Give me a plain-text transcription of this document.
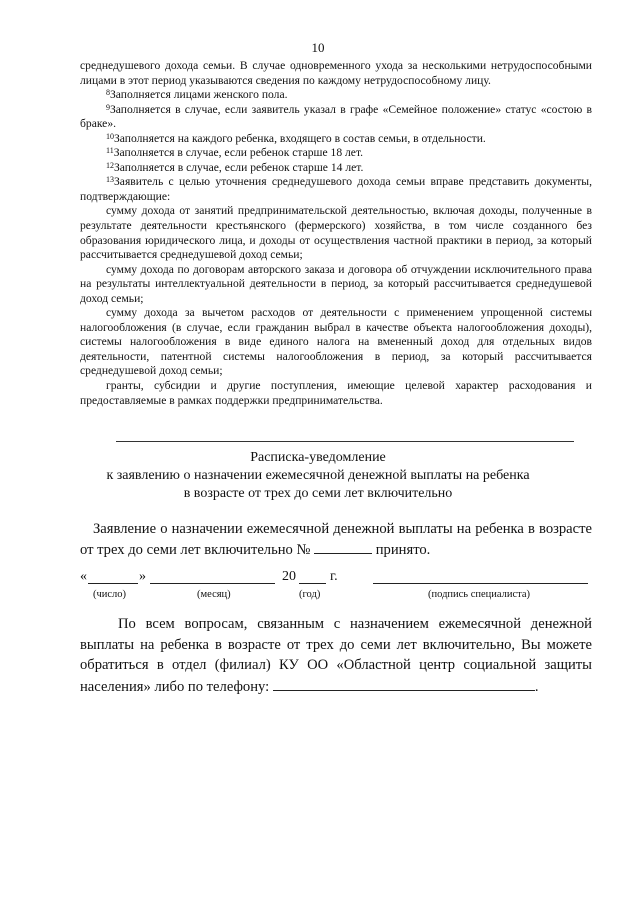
10

среднедушевого дохода семьи. В случае одновременного ухода за несколькими нетрудоспособными лицами в этот период указываются сведения по каждому нетрудоспособному лицу.

$^8$Заполняется лицами женского пола.

$^9$Заполняется в случае, если заявитель указал в графе «Семейное положение» статус «состою в браке».

$^{10}$Заполняется на каждого ребенка, входящего в состав семьи, в отдельности.

$^{11}$Заполняется в случае, если ребенок старше 18 лет.

$^{12}$Заполняется в случае, если ребенок старше 14 лет.

$^{13}$Заявитель с целью уточнения среднедушевого дохода семьи вправе представить документы, подтверждающие:

сумму дохода от занятий предпринимательской деятельностью, включая доходы, полученные в результате деятельности крестьянского (фермерского) хозяйства, в том числе созданного без образования юридического лица, и доходы от осуществления частной практики в период, за который рассчитывается среднедушевой доход семьи;

сумму дохода по договорам авторского заказа и договора об отчуждении исключительного права на результаты интеллектуальной деятельности в период, за который рассчитывается среднедушевой доход семьи;

сумму дохода за вычетом расходов от деятельности с применением упрощенной системы налогообложения (в случае, если гражданин выбрал в качестве объекта налогообложения доходы), системы налогообложения в виде единого налога на вмененный доход для отдельных видов деятельности, патентной системы налогообложения в период, за который рассчитывается среднедушевой доход семьи;

гранты, субсидии и другие поступления, имеющие целевой характер расходования и предоставляемые в рамках поддержки предпринимательства.

Расписка-уведомление
к заявлению о назначении ежемесячной денежной выплаты на ребенка
в возрасте от трех до семи лет включительно

Заявление о назначении ежемесячной денежной выплаты на ребенка в возрасте от трех до семи лет включительно №	принято.

«	»	20 г.
(число)	(месяц)	(год)	(подпись специалиста)

По всем вопросам, связанным с назначением ежемесячной денежной выплаты на ребенка в возрасте от трех до семи лет включительно, Вы можете обратиться в отдел (филиал) КУ ОО «Областной центр социальной защиты населения» либо по телефону:	.
